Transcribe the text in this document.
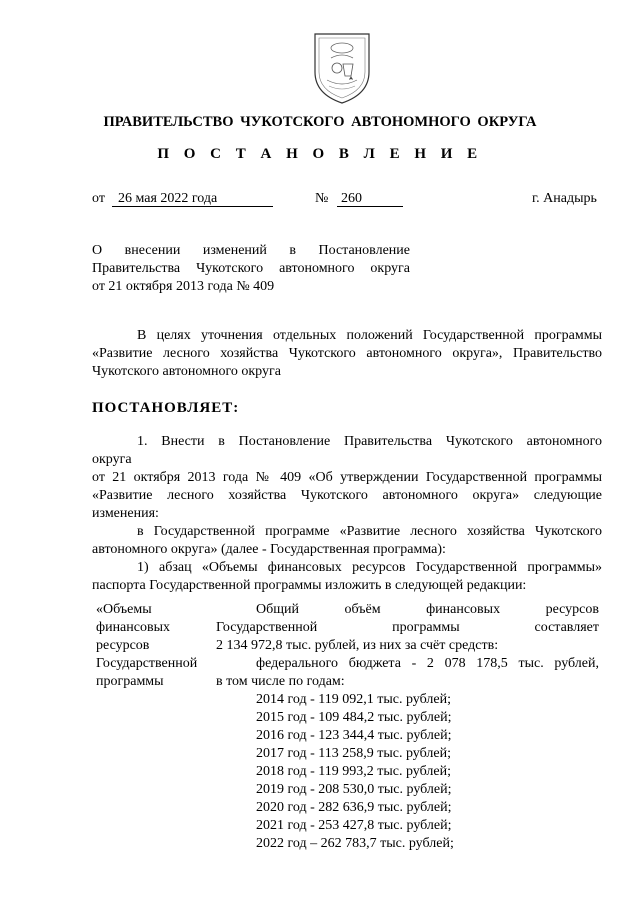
ПРАВИТЕЛЬСТВО ЧУКОТСКОГО АВТОНОМНОГО ОКРУГА
П О С Т А Н О В Л Е Н И Е
от 26 мая 2022 года	№ 260	г. Анадырь
О внесении изменений в Постановление
Правительства Чукотского автономного округа
от 21 октября 2013 года № 409
В целях уточнения отдельных положений Государственной программы
«Развитие лесного хозяйства Чукотского автономного округа», Правительство
Чукотского автономного округа
ПОСТАНОВЛЯЕТ:
1. Внести в Постановление Правительства Чукотского автономного
округа
от 21 октября 2013 года № 409 «Об утверждении Государственной программы
«Развитие лесного хозяйства Чукотского автономного округа» следующие
изменения:
в Государственной программе «Развитие лесного хозяйства Чукотского
автономного округа» (далее - Государственная программа):
1) абзац «Объемы финансовых ресурсов Государственной программы»
паспорта Государственной программы изложить в следующей редакции:
«Объемы
финансовых
ресурсов
Государственной
программы
Общий объём финансовых ресурсов
Государственной программы составляет
2 134 972,8 тыс. рублей, из них за счёт средств:
федерального бюджета - 2 078 178,5 тыс. рублей,
в том числе по годам:
2014 год - 119 092,1 тыс. рублей;
2015 год - 109 484,2 тыс. рублей;
2016 год - 123 344,4 тыс. рублей;
2017 год - 113 258,9 тыс. рублей;
2018 год - 119 993,2 тыс. рублей;
2019 год - 208 530,0 тыс. рублей;
2020 год - 282 636,9 тыс. рублей;
2021 год - 253 427,8 тыс. рублей;
2022 год – 262 783,7 тыс. рублей;
